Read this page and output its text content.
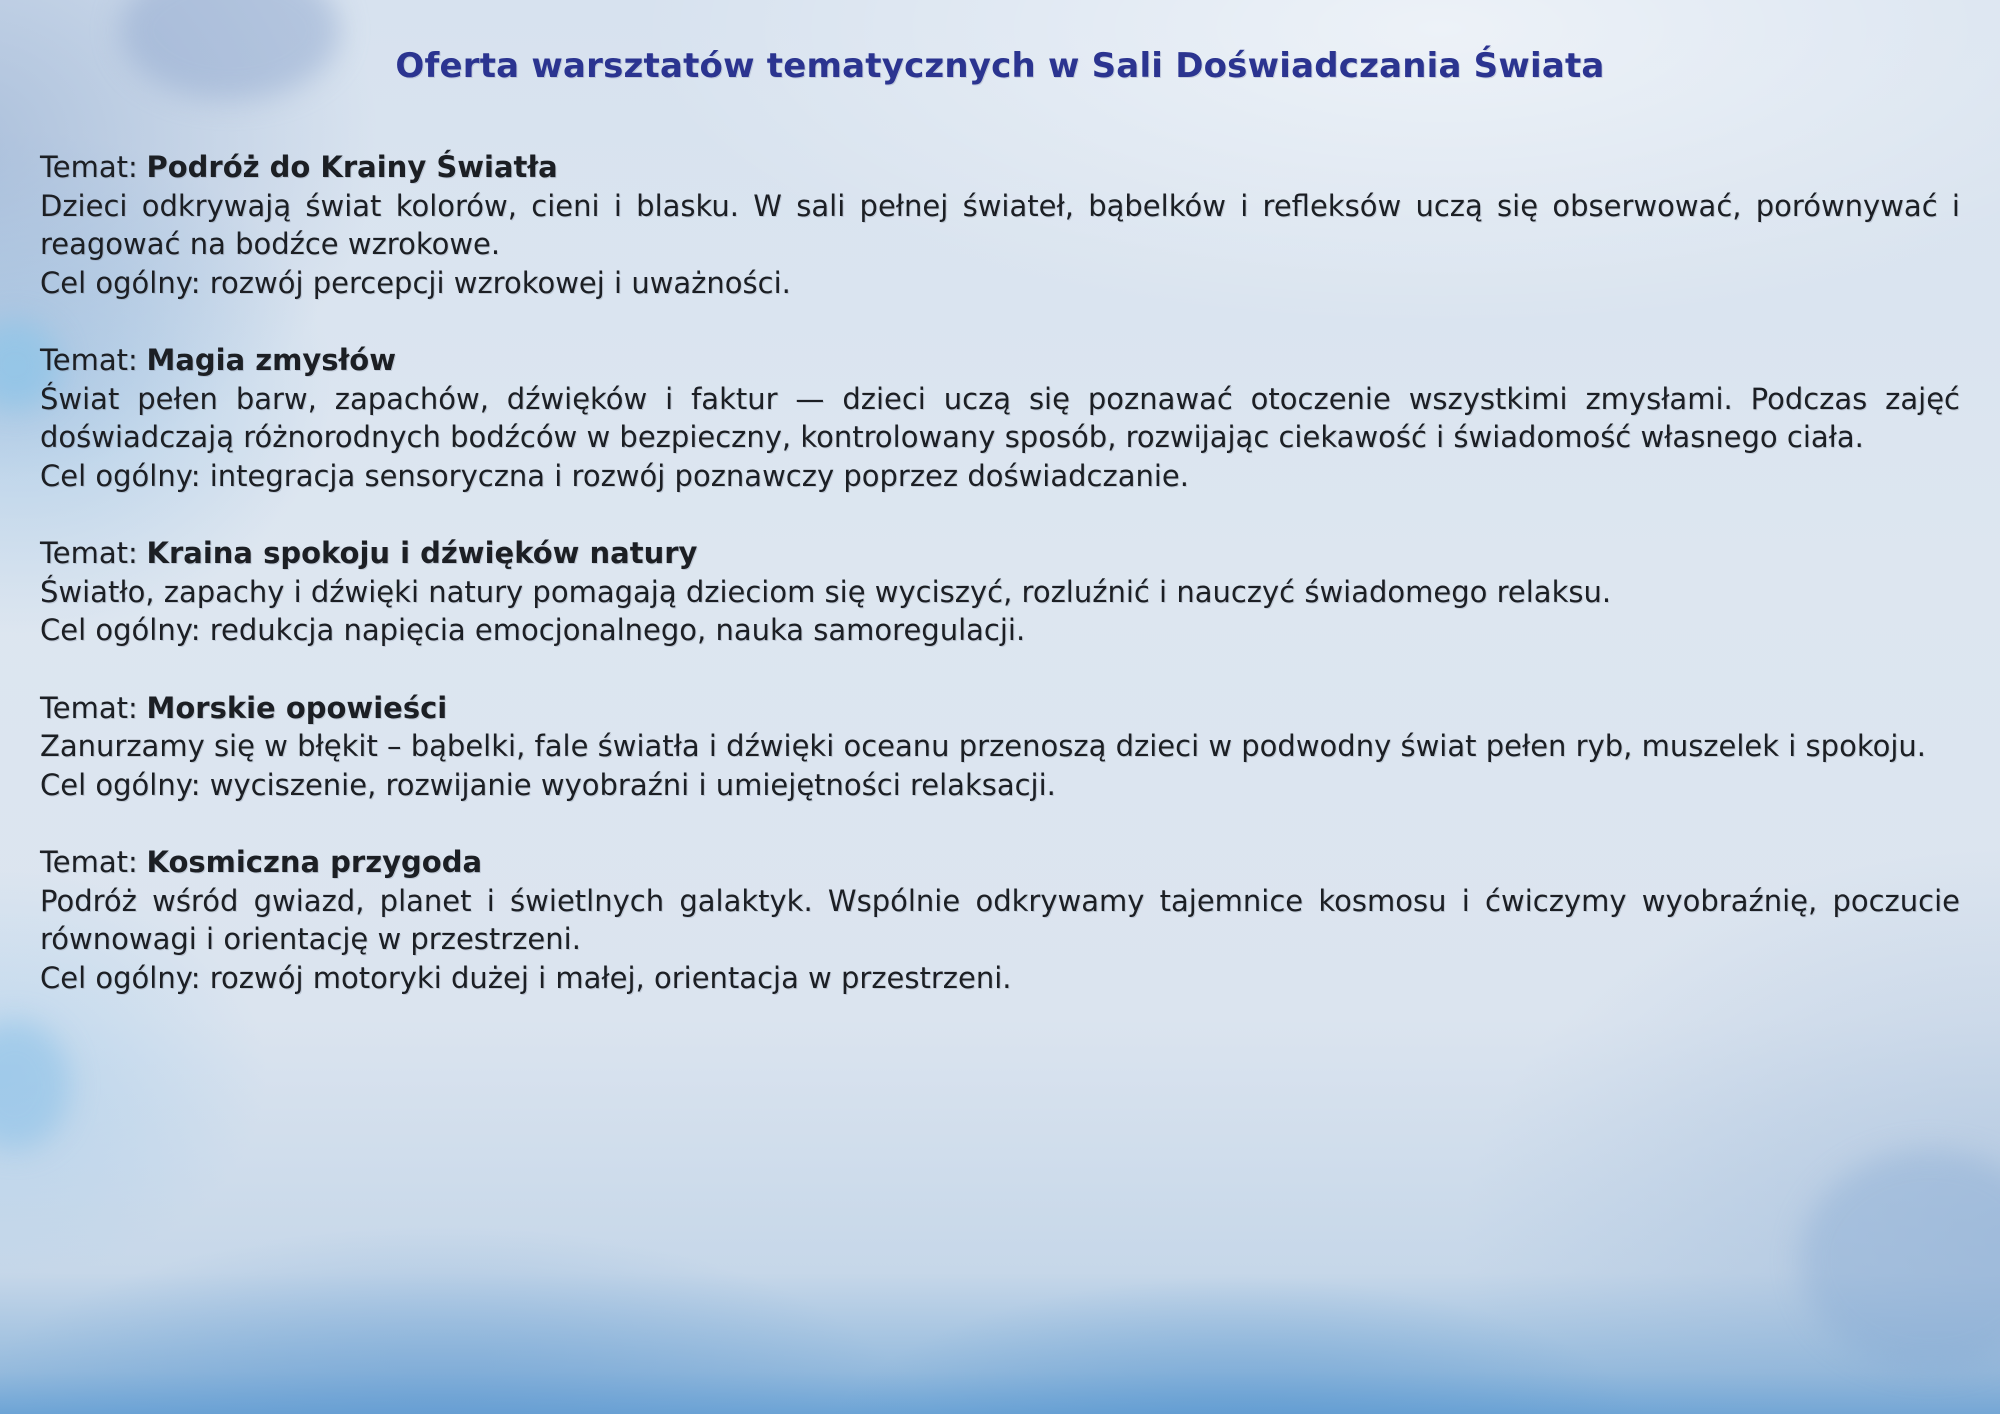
Oferta warsztatów tematycznych w Sali Doświadczania Świata

Temat: Podróż do Krainy Światła

Dzieci odkrywają świat kolorów, cieni i blasku. W sali pełnej świateł, bąbelków i refleksów uczą się obserwować, porównywać i reagować na bodźce wzrokowe.

Cel ogólny: rozwój percepcji wzrokowej i uważności.

Temat: Magia zmysłów

Świat pełen barw, zapachów, dźwięków i faktur — dzieci uczą się poznawać otoczenie wszystkimi zmysłami. Podczas zajęć doświadczają różnorodnych bodźców w bezpieczny, kontrolowany sposób, rozwijając ciekawość i świadomość własnego ciała.

Cel ogólny: integracja sensoryczna i rozwój poznawczy poprzez doświadczanie.

Temat: Kraina spokoju i dźwięków natury

Światło, zapachy i dźwięki natury pomagają dzieciom się wyciszyć, rozluźnić i nauczyć świadomego relaksu.

Cel ogólny: redukcja napięcia emocjonalnego, nauka samoregulacji.

Temat: Morskie opowieści

Zanurzamy się w błękit – bąbelki, fale światła i dźwięki oceanu przenoszą dzieci w podwodny świat pełen ryb, muszelek i spokoju.

Cel ogólny: wyciszenie, rozwijanie wyobraźni i umiejętności relaksacji.

Temat: Kosmiczna przygoda

Podróż wśród gwiazd, planet i świetlnych galaktyk. Wspólnie odkrywamy tajemnice kosmosu i ćwiczymy wyobraźnię, poczucie równowagi i orientację w przestrzeni.

Cel ogólny: rozwój motoryki dużej i małej, orientacja w przestrzeni.
